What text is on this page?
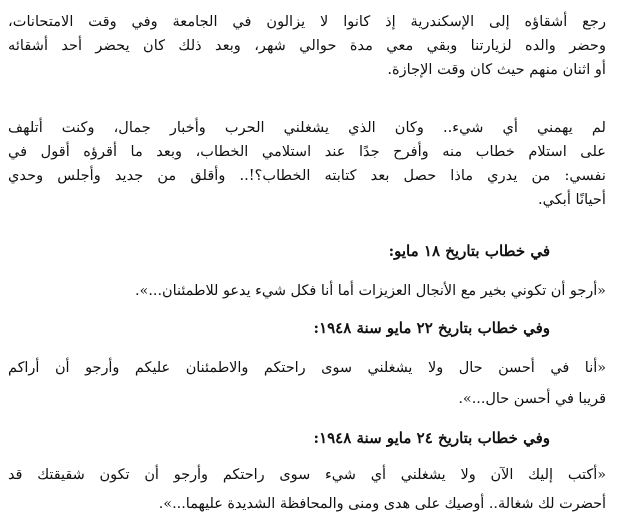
رجع أشقاؤه إلى الإسكندرية إذ كانوا لا يزالون في الجامعة وفي وقت الامتحانات،
وحضر والده لزيارتنا وبقي معي مدة حوالي شهر، وبعد ذلك كان يحضر أحد أشقائه
أو اثنان منهم حيث كان وقت الإجازة.
لم يهمني أي شيء.. وكان الذي يشغلني الحرب وأخبار جمال، وكنت أتلهف
على استلام خطاب منه وأفرح جدًا عند استلامي الخطاب، وبعد ما أقرؤه أقول في
نفسي: من يدري ماذا حصل بعد كتابته الخطاب؟!.. وأقلق من جديد وأجلس وحدي
أحيانًا أبكي.
في خطاب بتاريخ ١٨ مايو:
«أرجو أن تكوني بخير مع الأنجال العزيزات أما أنا فكل شيء يدعو للاطمئنان...».
وفي خطاب بتاريخ ٢٢ مايو سنة ١٩٤٨:
«أنا في أحسن حال ولا يشغلني سوى راحتكم والاطمئنان عليكم وأرجو أن أراكم
قريبا في أحسن حال...».
وفي خطاب بتاريخ ٢٤ مايو سنة ١٩٤٨:
«أكتب إليك الآن ولا يشغلني أي شيء سوى راحتكم وأرجو أن تكون شقيقتك قد
أحضرت لك شغالة.. أوصيك على هدى ومنى والمحافظة الشديدة عليهما...».
